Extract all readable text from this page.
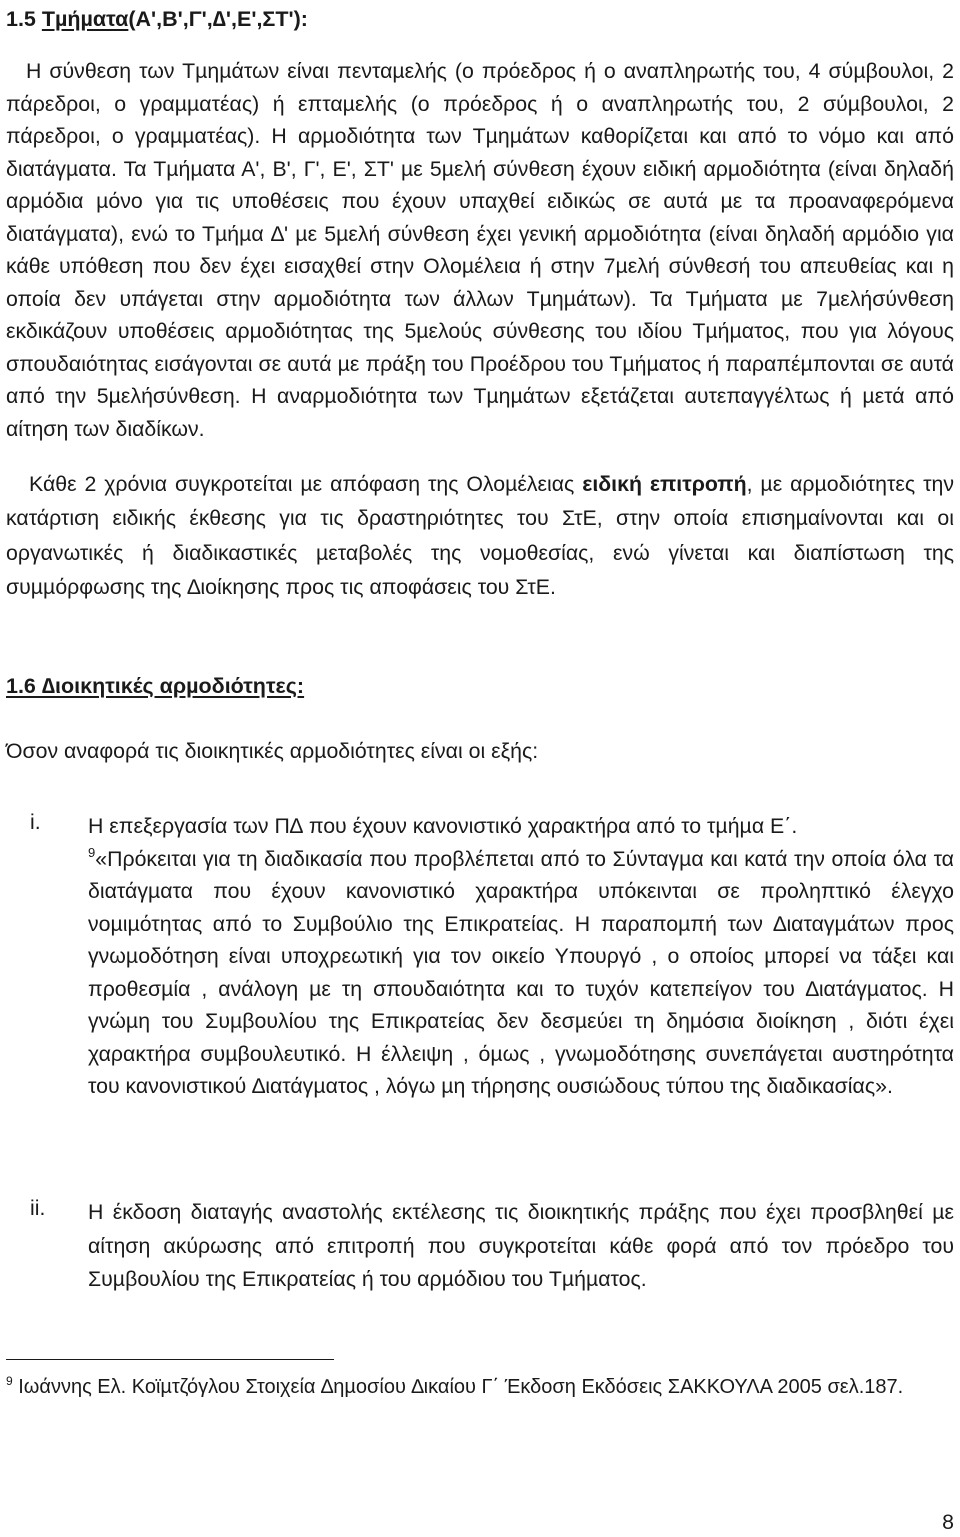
1.5 Τµήµατα(Α',Β',Γ',∆',Ε',ΣΤ'):

Η σύνθεση των Τµηµάτων είναι πενταµελής (ο πρόεδρος ή ο αναπληρωτής του, 4 σύµβουλοι, 2 πάρεδροι, ο γραµµατέας) ή επταµελής (ο πρόεδρος ή ο αναπληρωτής του, 2 σύµβουλοι, 2 πάρεδροι, ο γραµµατέας). Η αρµοδιότητα των Τµηµάτων καθορίζεται και από το νόµο και από διατάγµατα. Τα Τµήµατα Α', Β', Γ', Ε', ΣΤ' µε 5µελή σύνθεση έχουν ειδική αρµοδιότητα (είναι δηλαδή αρµόδια µόνο για τις υποθέσεις που έχουν υπαχθεί ειδικώς σε αυτά µε τα προαναφερόµενα διατάγµατα), ενώ το Τµήµα ∆' µε 5µελή σύνθεση έχει γενική αρµοδιότητα (είναι δηλαδή αρµόδιο για κάθε υπόθεση που δεν έχει εισαχθεί στην Ολοµέλεια ή στην 7µελή σύνθεσή του απευθείας και η οποία δεν υπάγεται στην αρµοδιότητα των άλλων Τµηµάτων). Τα Τµήµατα µε 7µελήσύνθεση εκδικάζουν υποθέσεις αρµοδιότητας της 5µελούς σύνθεσης του ιδίου Τµήµατος, που για λόγους σπουδαιότητας εισάγονται σε αυτά µε πράξη του Προέδρου του Τµήµατος ή παραπέµπονται σε αυτά από την 5µελήσύνθεση. Η αναρµοδιότητα των Τµηµάτων εξετάζεται αυτεπαγγέλτως ή µετά από αίτηση των διαδίκων.

Κάθε 2 χρόνια συγκροτείται µε απόφαση της Ολοµέλειας ειδική επιτροπή, µε αρµοδιότητες την κατάρτιση ειδικής έκθεσης για τις δραστηριότητες του ΣτΕ, στην οποία επισηµαίνονται και οι οργανωτικές ή διαδικαστικές µεταβολές της νοµοθεσίας, ενώ γίνεται και διαπίστωση της συµµόρφωσης της ∆ιοίκησης προς τις αποφάσεις του ΣτΕ.

1.6 ∆ιοικητικές αρµοδιότητες:
Όσον αναφορά τις διοικητικές αρµοδιότητες είναι οι εξής:
i. Η επεξεργασία των Π∆ που έχουν κανονιστικό χαρακτήρα από το τµήµα Ε΄.
$^9$«Πρόκειται για τη διαδικασία που προβλέπεται από το Σύνταγµα και κατά την οποία όλα τα διατάγµατα που έχουν κανονιστικό χαρακτήρα υπόκεινται σε προληπτικό έλεγχο νοµιµότητας από το Συµβούλιο της Επικρατείας. Η παραποµπή των ∆ιαταγµάτων προς γνωµοδότηση είναι υποχρεωτική για τον οικείο Υπουργό , ο οποίος µπορεί να τάξει και προθεσµία , ανάλογη µε τη σπουδαιότητα και το τυχόν κατεπείγον του ∆ιατάγµατος. Η γνώµη του Συµβουλίου της Επικρατείας δεν δεσµεύει τη δηµόσια διοίκηση , διότι έχει χαρακτήρα συµβουλευτικό. Η έλλειψη , όµως , γνωµοδότησης συνεπάγεται αυστηρότητα του κανονιστικού ∆ιατάγµατος , λόγω µη τήρησης ουσιώδους τύπου της διαδικασίας».

ii. Η έκδοση διαταγής αναστολής εκτέλεσης τις διοικητικής πράξης που έχει προσβληθεί µε αίτηση ακύρωσης από επιτροπή που συγκροτείται κάθε φορά από τον πρόεδρο του Συµβουλίου της Επικρατείας ή του αρµόδιου του Τµήµατος.

$^9$ Ιωάννης Ελ. Κοϊµτζόγλου Στοιχεία ∆ηµοσίου ∆ικαίου Γ΄ Έκδοση Εκδόσεις ΣΑΚΚΟΥΛΑ 2005 σελ.187.

8
